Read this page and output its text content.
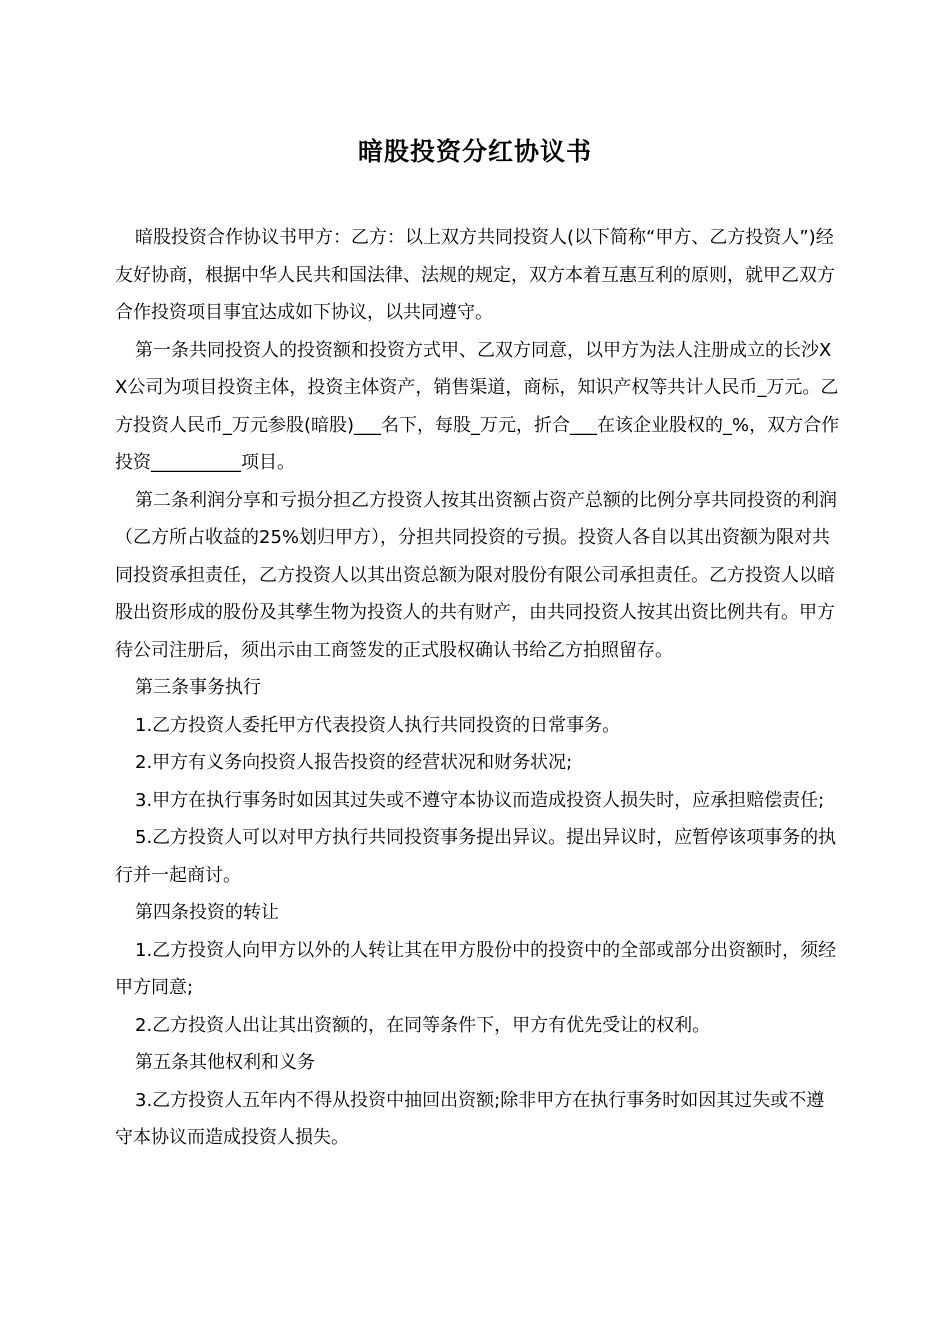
暗股投资分红协议书

暗股投资合作协议书甲方：乙方：以上双方共同投资人(以下简称“甲方、乙方投资人”)经友好协商，根据中华人民共和国法律、法规的规定，双方本着互惠互利的原则，就甲乙双方合作投资项目事宜达成如下协议，以共同遵守。

第一条共同投资人的投资额和投资方式甲、乙双方同意，以甲方为法人注册成立的长沙XX公司为项目投资主体，投资主体资产，销售渠道，商标，知识产权等共计人民币_万元。乙方投资人民币_万元参股(暗股)___名下，每股_万元，折合___在该企业股权的_%，双方合作投资__________项目。

第二条利润分享和亏损分担乙方投资人按其出资额占资产总额的比例分享共同投资的利润（乙方所占收益的25%划归甲方），分担共同投资的亏损。投资人各自以其出资额为限对共同投资承担责任，乙方投资人以其出资总额为限对股份有限公司承担责任。乙方投资人以暗股出资形成的股份及其孳生物为投资人的共有财产，由共同投资人按其出资比例共有。甲方待公司注册后，须出示由工商签发的正式股权确认书给乙方拍照留存。

第三条事务执行

1.乙方投资人委托甲方代表投资人执行共同投资的日常事务。

2.甲方有义务向投资人报告投资的经营状况和财务状况;

3.甲方在执行事务时如因其过失或不遵守本协议而造成投资人损失时，应承担赔偿责任;

5.乙方投资人可以对甲方执行共同投资事务提出异议。提出异议时，应暂停该项事务的执行并一起商讨。

第四条投资的转让

1.乙方投资人向甲方以外的人转让其在甲方股份中的投资中的全部或部分出资额时，须经甲方同意;

2.乙方投资人出让其出资额的，在同等条件下，甲方有优先受让的权利。

第五条其他权利和义务

3.乙方投资人五年内不得从投资中抽回出资额;除非甲方在执行事务时如因其过失或不遵守本协议而造成投资人损失。
